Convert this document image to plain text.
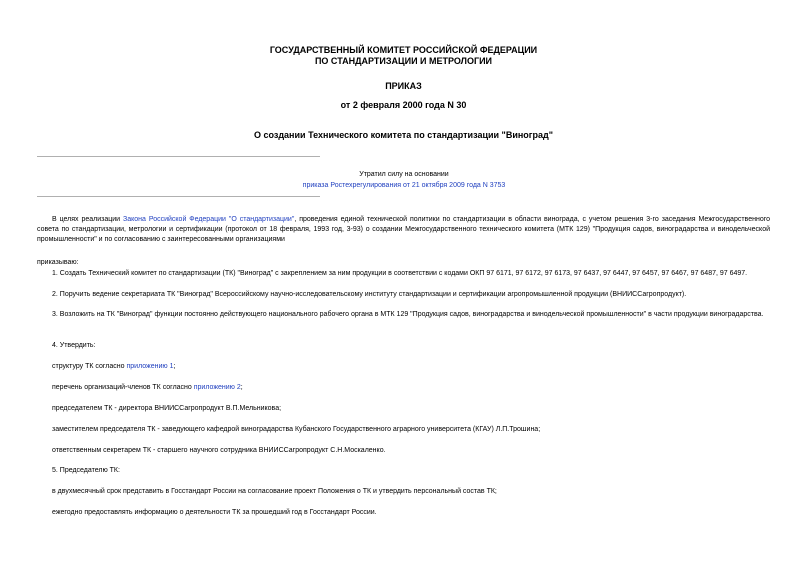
ГОСУДАРСТВЕННЫЙ КОМИТЕТ РОССИЙСКОЙ ФЕДЕРАЦИИ
ПО СТАНДАРТИЗАЦИИ И МЕТРОЛОГИИ
ПРИКАЗ
от 2 февраля 2000 года N 30
О создании Технического комитета по стандартизации "Виноград"
Утратил силу на основании
приказа Ростехрегулирования от 21 октября 2009 года N 3753
В целях реализации Закона Российской Федерации "О стандартизации", проведения единой технической политики по стандартизации в области винограда, с учетом решения 3-го заседания Межгосударственного совета по стандартизации, метрологии и сертификации (протокол от 18 февраля, 1993 год, 3-93) о создании Межгосударственного технического комитета (МТК 129) "Продукция садов, виноградарства и винодельческой промышленности" и по согласованию с заинтересованными организациями
приказываю:
1. Создать Технический комитет по стандартизации (ТК) "Виноград" с закреплением за ним продукции в соответствии с кодами ОКП 97 6171, 97 6172, 97 6173, 97 6437, 97 6447, 97 6457, 97 6467, 97 6487, 97 6497.
2. Поручить ведение секретариата ТК "Виноград" Всероссийскому научно-исследовательскому институту стандартизации и сертификации агропромышленной продукции (ВНИИССагропродукт).
3. Возложить на ТК "Виноград" функции постоянно действующего национального рабочего органа в МТК 129 "Продукция садов, виноградарства и винодельческой промышленности" в части продукции виноградарства.
4. Утвердить:
структуру ТК согласно приложению 1;
перечень организаций-членов ТК согласно приложению 2;
председателем ТК - директора ВНИИССагропродукт В.П.Мельникова;
заместителем председателя ТК - заведующего кафедрой виноградарства Кубанского Государственного аграрного университета (КГАУ) Л.П.Трошина;
ответственным секретарем ТК - старшего научного сотрудника ВНИИССагропродукт С.Н.Москаленко.
5. Председателю ТК:
в двухмесячный срок представить в Госстандарт России на согласование проект Положения о ТК и утвердить персональный состав ТК;
ежегодно предоставлять информацию о деятельности ТК за прошедший год в Госстандарт России.
